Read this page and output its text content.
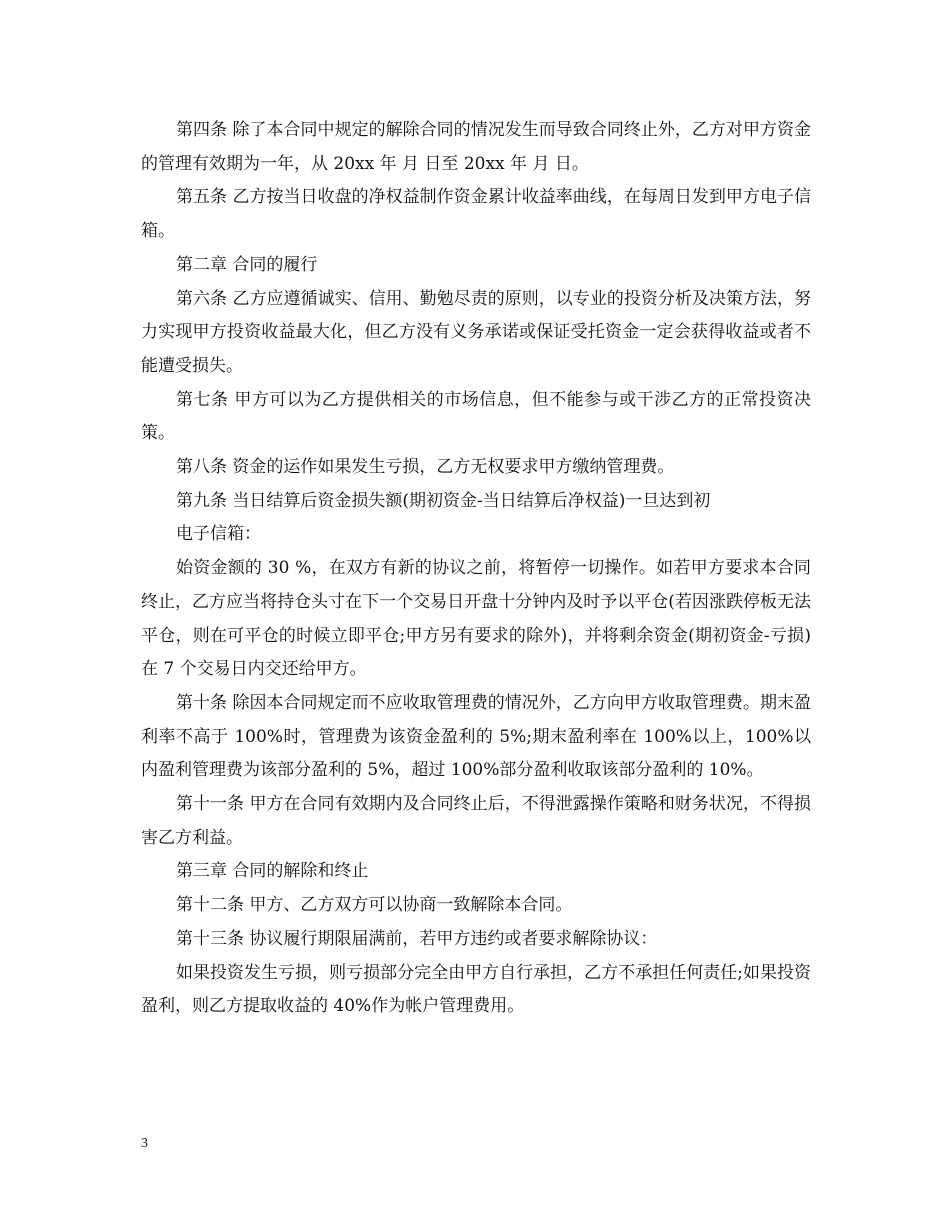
第四条 除了本合同中规定的解除合同的情况发生而导致合同终止外，乙方对甲方资金的管理有效期为一年，从 20xx 年 月 日至 20xx 年 月 日。

第五条 乙方按当日收盘的净权益制作资金累计收益率曲线，在每周日发到甲方电子信箱。

第二章 合同的履行

第六条 乙方应遵循诚实、信用、勤勉尽责的原则，以专业的投资分析及决策方法，努力实现甲方投资收益最大化，但乙方没有义务承诺或保证受托资金一定会获得收益或者不能遭受损失。

第七条 甲方可以为乙方提供相关的市场信息，但不能参与或干涉乙方的正常投资决策。

第八条 资金的运作如果发生亏损，乙方无权要求甲方缴纳管理费。

第九条 当日结算后资金损失额(期初资金-当日结算后净权益)一旦达到初

电子信箱：

始资金额的 30 %，在双方有新的协议之前，将暂停一切操作。如若甲方要求本合同终止，乙方应当将持仓头寸在下一个交易日开盘十分钟内及时予以平仓(若因涨跌停板无法平仓，则在可平仓的时候立即平仓;甲方另有要求的除外)，并将剩余资金(期初资金-亏损)在 7 个交易日内交还给甲方。

第十条 除因本合同规定而不应收取管理费的情况外，乙方向甲方收取管理费。期末盈利率不高于 100%时，管理费为该资金盈利的 5%;期末盈利率在 100%以上，100%以内盈利管理费为该部分盈利的 5%，超过 100%部分盈利收取该部分盈利的 10%。

第十一条 甲方在合同有效期内及合同终止后，不得泄露操作策略和财务状况，不得损害乙方利益。

第三章 合同的解除和终止

第十二条 甲方、乙方双方可以协商一致解除本合同。

第十三条 协议履行期限届满前，若甲方违约或者要求解除协议：

如果投资发生亏损，则亏损部分完全由甲方自行承担，乙方不承担任何责任;如果投资盈利，则乙方提取收益的 40%作为帐户管理费用。

3
